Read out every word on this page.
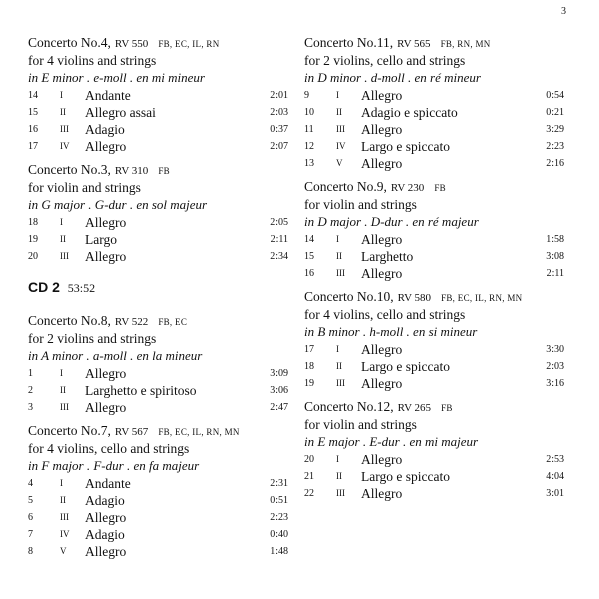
3
Concerto No.4, RV 550 FB, EC, IL, RN
for 4 violins and strings
in E minor . e-moll . en mi mineur
14	I	Andante	2:01
15	II	Allegro assai	2:03
16	III	Adagio	0:37
17	IV	Allegro	2:07
Concerto No.3, RV 310 FB
for violin and strings
in G major . G-dur . en sol majeur
18	I	Allegro	2:05
19	II	Largo	2:11
20	III	Allegro	2:34
CD 2 53:52
Concerto No.8, RV 522 FB, EC
for 2 violins and strings
in A minor . a-moll . en la mineur
1	I	Allegro	3:09
2	II	Larghetto e spiritoso	3:06
3	III	Allegro	2:47
Concerto No.7, RV 567 FB, EC, IL, RN, MN
for 4 violins, cello and strings
in F major . F-dur . en fa majeur
4	I	Andante	2:31
5	II	Adagio	0:51
6	III	Allegro	2:23
7	IV	Adagio	0:40
8	V	Allegro	1:48
Concerto No.11, RV 565 FB, RN, MN
for 2 violins, cello and strings
in D minor . d-moll . en ré mineur
9	I	Allegro	0:54
10	II	Adagio e spiccato	0:21
11	III	Allegro	3:29
12	IV	Largo e spiccato	2:23
13	V	Allegro	2:16
Concerto No.9, RV 230 FB
for violin and strings
in D major . D-dur . en ré majeur
14	I	Allegro	1:58
15	II	Larghetto	3:08
16	III	Allegro	2:11
Concerto No.10, RV 580 FB, EC, IL, RN, MN
for 4 violins, cello and strings
in B minor . h-moll . en si mineur
17	I	Allegro	3:30
18	II	Largo e spiccato	2:03
19	III	Allegro	3:16
Concerto No.12, RV 265 FB
for violin and strings
in E major . E-dur . en mi majeur
20	I	Allegro	2:53
21	II	Largo e spiccato	4:04
22	III	Allegro	3:01
